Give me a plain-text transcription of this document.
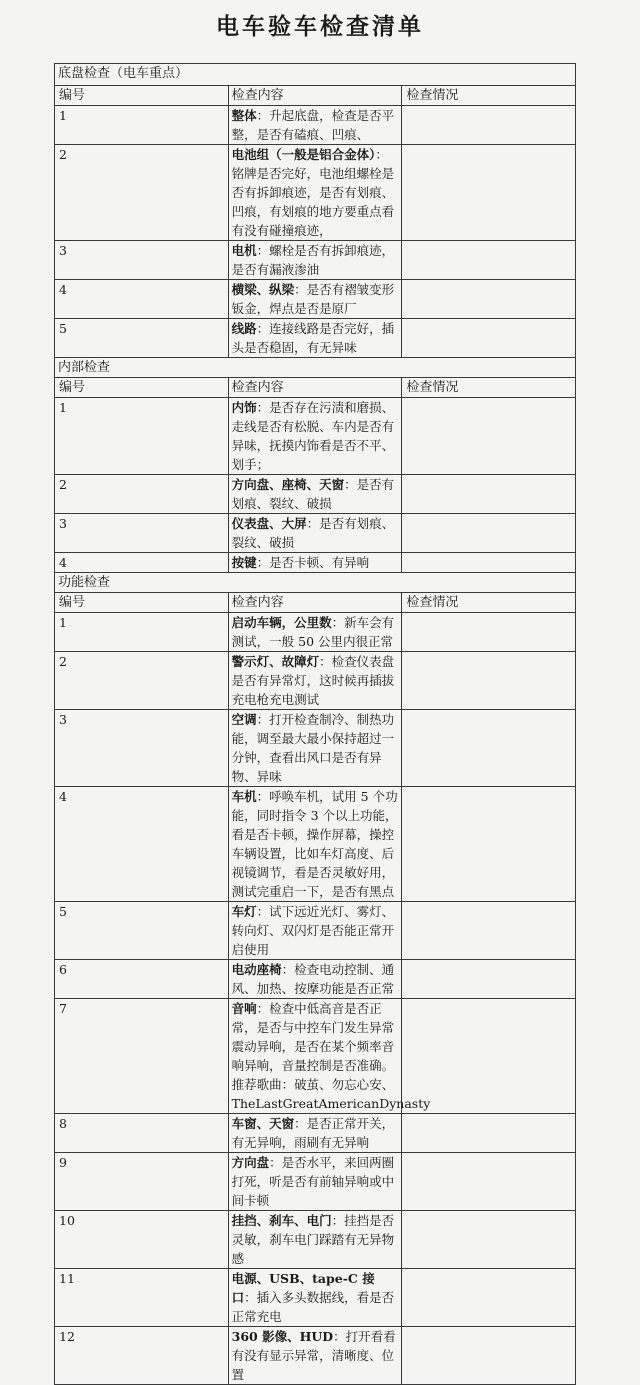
电车验车检查清单
底盘检查（电车重点）		
编号	检查内容	检查情况
1	整体：升起底盘，检查是否平整，是否有磕痕、凹痕、	
2	电池组（一般是铝合金体）：铭牌是否完好，电池组螺栓是否有拆卸痕迹，是否有划痕、凹痕，有划痕的地方要重点看有没有碰撞痕迹，	
3	电机：螺栓是否有拆卸痕迹，是否有漏液渗油	
4	横梁、纵梁：是否有褶皱变形钣金，焊点是否是原厂	
5	线路：连接线路是否完好，插头是否稳固，有无异味	
内部检查		
编号	检查内容	检查情况
1	内饰：是否存在污渍和磨损、走线是否有松脱、车内是否有异味，抚摸内饰看是否不平、划手；	
2	方向盘、座椅、天窗：是否有划痕、裂纹、破损	
3	仪表盘、大屏：是否有划痕、裂纹、破损	
4	按键：是否卡顿、有异响	
功能检查		
编号	检查内容	检查情况
1	启动车辆，公里数：新车会有测试，一般 50 公里内很正常	
2	警示灯、故障灯：检查仪表盘是否有异常灯，这时候再插拔充电枪充电测试	
3	空调：打开检查制冷、制热功能，调至最大最小保持超过一分钟，查看出风口是否有异物、异味	
4	车机：呼唤车机，试用 5 个功能，同时指令 3 个以上功能，看是否卡顿，操作屏幕，操控车辆设置，比如车灯高度、后视镜调节，看是否灵敏好用，测试完重启一下，是否有黑点	
5	车灯：试下远近光灯、雾灯、转向灯、双闪灯是否能正常开启使用	
6	电动座椅：检查电动控制、通风、加热、按摩功能是否正常	
7	音响：检查中低高音是否正常，是否与中控车门发生异常震动异响，是否在某个频率音响异响，音量控制是否准确。推荐歌曲：破茧、勿忘心安、TheLastGreatAmericanDynasty	
8	车窗、天窗：是否正常开关，有无异响，雨刷有无异响	
9	方向盘：是否水平，来回两圈打死，听是否有前轴异响或中间卡顿	
10	挂挡、刹车、电门：挂挡是否灵敏，刹车电门踩踏有无异物感	
11	电源、USB、tape-C 接口：插入多头数据线，看是否正常充电	
12	360 影像、HUD：打开看看有没有显示异常，清晰度、位置	
